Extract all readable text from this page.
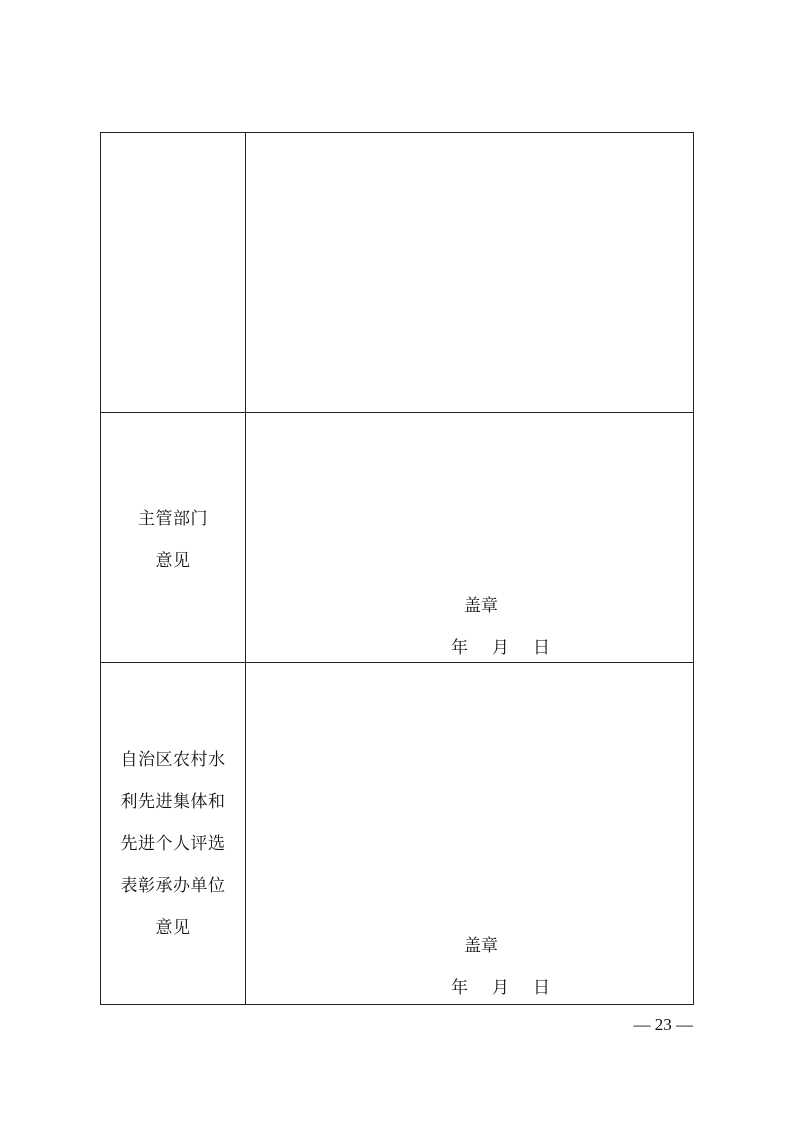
主管部门
意见
盖章
年 月 日
自治区农村水
利先进集体和
先进个人评选
表彰承办单位
意见
盖章
年 月 日
— 23 —
